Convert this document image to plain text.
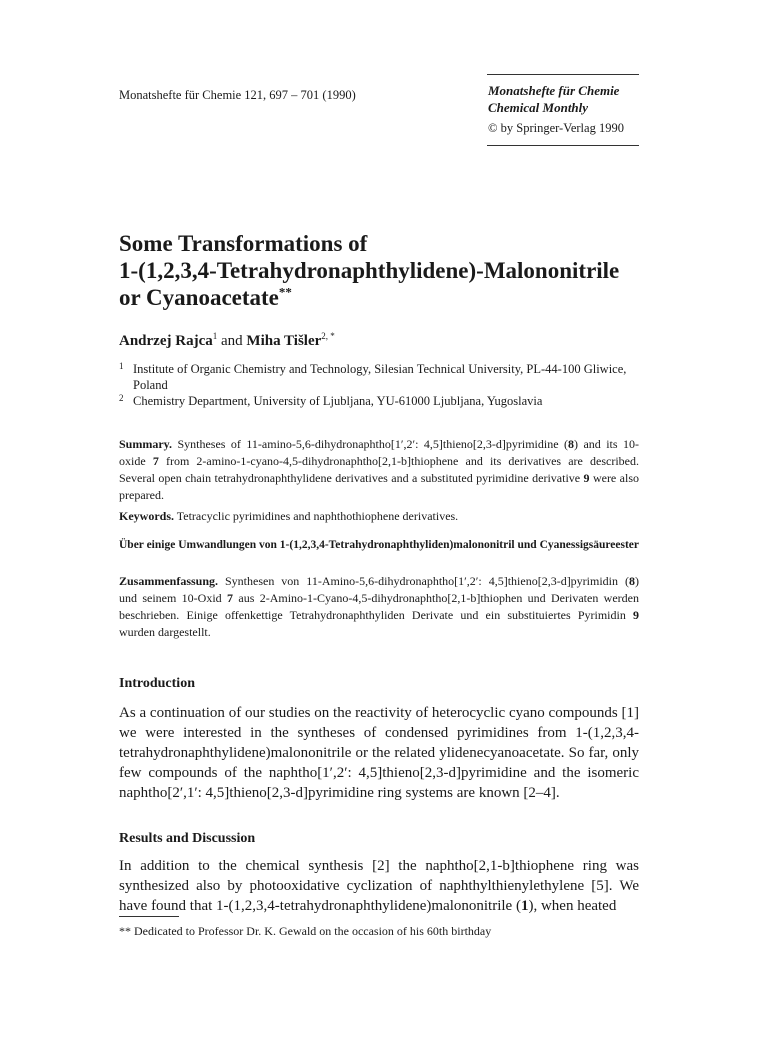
Monatshefte für Chemie 121, 697 – 701 (1990)	Monatshefte für Chemie
Chemical Monthly
© by Springer-Verlag 1990
Some Transformations of
1-(1,2,3,4-Tetrahydronaphthylidene)-Malononitrile
or Cyanoacetate**
Andrzej Rajca$^1$ and Miha Tišler$^{2, *}$
1 Institute of Organic Chemistry and Technology, Silesian Technical University, PL-44-100 Gliwice, Poland
2 Chemistry Department, University of Ljubljana, YU-61000 Ljubljana, Yugoslavia
Summary. Syntheses of 11-amino-5,6-dihydronaphtho[1′,2′: 4,5]thieno[2,3-d]pyrimidine (8) and its 10-oxide 7 from 2-amino-1-cyano-4,5-dihydronaphtho[2,1-b]thiophene and its derivatives are described. Several open chain tetrahydronaphthylidene derivatives and a substituted pyrimidine derivative 9 were also prepared.
Keywords. Tetracyclic pyrimidines and naphthothiophene derivatives.
Über einige Umwandlungen von 1-(1,2,3,4-Tetrahydronaphthyliden)malononitril und Cyanessigsäureester
Zusammenfassung. Synthesen von 11-Amino-5,6-dihydronaphtho[1′,2′: 4,5]thieno[2,3-d]pyrimidin (8) und seinem 10-Oxid 7 aus 2-Amino-1-Cyano-4,5-dihydronaphtho[2,1-b]thiophen und Derivaten werden beschrieben. Einige offenkettige Tetrahydronaphthyliden Derivate und ein substituiertes Pyrimidin 9 wurden dargestellt.
Introduction
As a continuation of our studies on the reactivity of heterocyclic cyano compounds [1] we were interested in the syntheses of condensed pyrimidines from 1-(1,2,3,4-tetrahydronaphthylidene)malononitrile or the related ylidenecyanoacetate. So far, only few compounds of the naphtho[1′,2′: 4,5]thieno[2,3-d]pyrimidine and the isomeric naphtho[2′,1′: 4,5]thieno[2,3-d]pyrimidine ring systems are known [2–4].
Results and Discussion
In addition to the chemical synthesis [2] the naphtho[2,1-b]thiophene ring was synthesized also by photooxidative cyclization of naphthylthienylethylene [5]. We have found that 1-(1,2,3,4-tetrahydronaphthylidene)malononitrile (1), when heated
** Dedicated to Professor Dr. K. Gewald on the occasion of his 60th birthday
